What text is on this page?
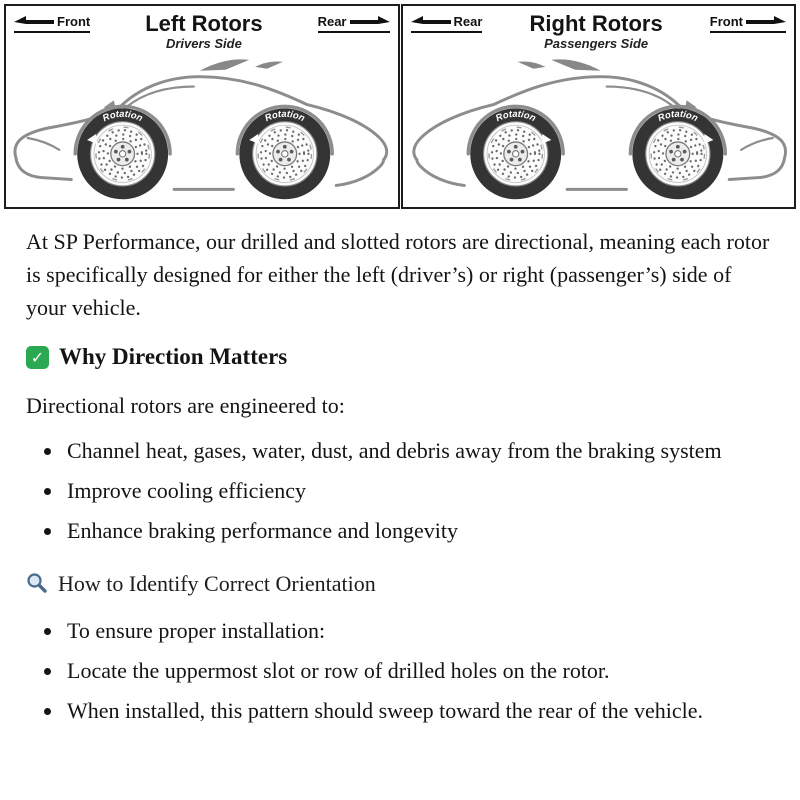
Front	Left Rotors
Drivers Side
Rear	Rear Right Rotors
Passengers Side
Front

At SP Performance, our drilled and slotted rotors are directional, meaning each rotor is specifically designed for either the left (driver’s) or right (passenger’s) side of your vehicle.

✓ Why Direction Matters

Directional rotors are engineered to:

• Channel heat, gases, water, dust, and debris away from the braking system
• Improve cooling efficiency
• Enhance braking performance and longevity
How to Identify Correct Orientation
• To ensure proper installation:
• Locate the uppermost slot or row of drilled holes on the rotor.
• When installed, this pattern should sweep toward the rear of the vehicle.
